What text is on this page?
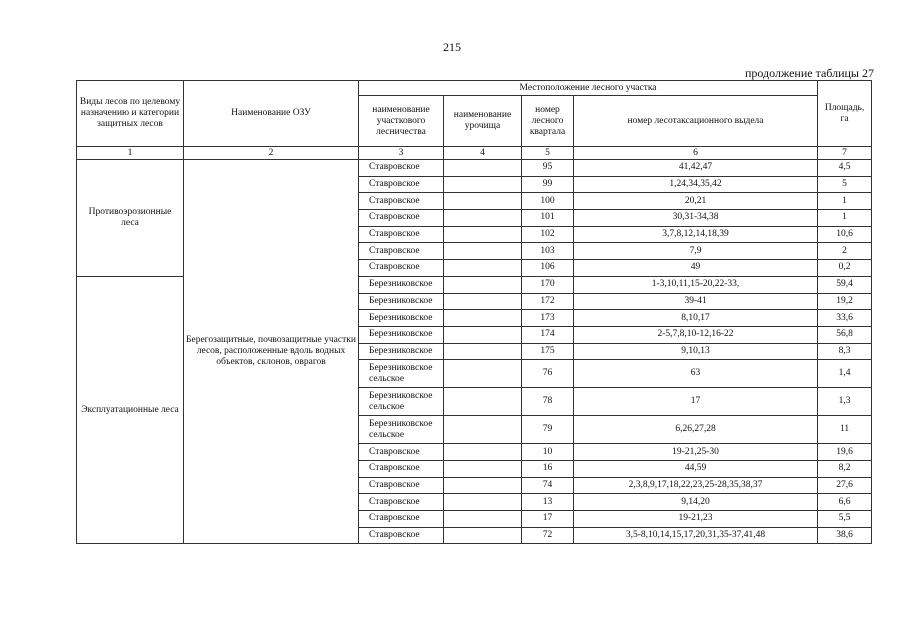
215
продолжение таблицы 27
Виды лесов по целевому назначению и категории защитных лесов	Наименование ОЗУ	Местоположение лесного участка				Площадь, га
		наименование участкового лесничества	наименование урочища	номер лесного квартала	номер лесотаксационного выдела	
1	2	3	4	5	6	7
Противоэрозионные леса	Берегозащитные, почвозащитные участки лесов, расположенные вдоль водных объектов, склонов, оврагов	Ставровское		95	41,42,47	4,5
		Ставровское		99	1,24,34,35,42	5
		Ставровское		100	20,21	1
		Ставровское		101	30,31-34,38	1
		Ставровское		102	3,7,8,12,14,18,39	10,6
		Ставровское		103	7,9	2
		Ставровское		106	49	0,2
Эксплуатационные леса		Березниковское		170	1-3,10,11,15-20,22-33,	59,4
		Березниковское		172	39-41	19,2
		Березниковское		173	8,10,17	33,6
		Березниковское		174	2-5,7,8,10-12,16-22	56,8
		Березниковское		175	9,10,13	8,3
		Березниковское сельское		76	63	1,4
		Березниковское сельское		78	17	1,3
		Березниковское сельское		79	6,26,27,28	11
		Ставровское		10	19-21,25-30	19,6
		Ставровское		16	44,59	8,2
		Ставровское		74	2,3,8,9,17,18,22,23,25-28,35,38,37	27,6
		Ставровское		13	9,14,20	6,6
		Ставровское		17	19-21,23	5,5
		Ставровское		72	3,5-8,10,14,15,17,20,31,35-37,41,48	38,6
